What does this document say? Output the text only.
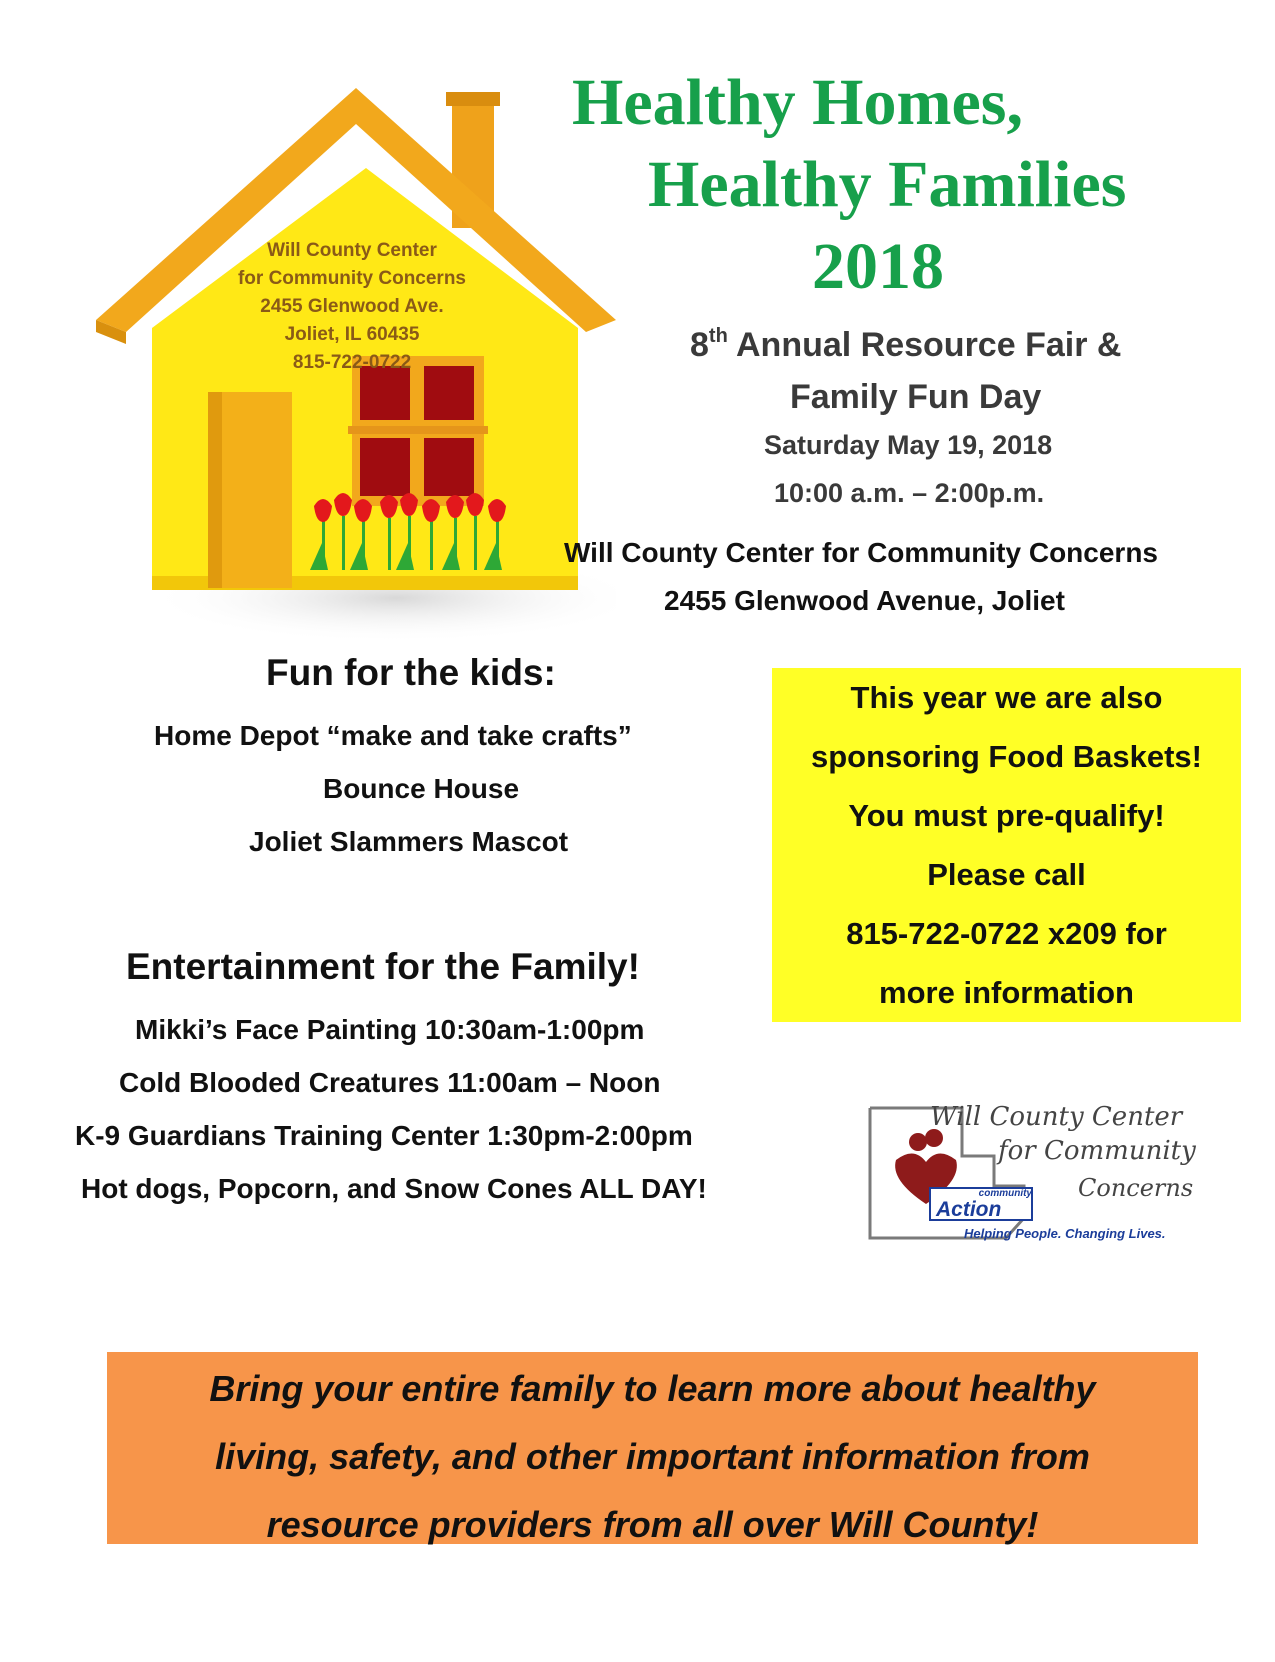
Will County Center
for Community Concerns
2455 Glenwood Ave.
Joliet, IL 60435
815-722-0722
Healthy Homes,
Healthy Families
2018
8th Annual Resource Fair &
Family Fun Day
Saturday May 19, 2018
10:00 a.m. – 2:00p.m.
Will County Center for Community Concerns
2455 Glenwood Avenue, Joliet
Fun for the kids:
Home Depot “make and take crafts”
Bounce House
Joliet Slammers Mascot
Entertainment for the Family!
Mikki’s Face Painting 10:30am-1:00pm
Cold Blooded Creatures 11:00am – Noon
K-9 Guardians Training Center 1:30pm-2:00pm
Hot dogs, Popcorn, and Snow Cones ALL DAY!
This year we are also
sponsoring Food Baskets!
You must pre-qualify!
Please call
815-722-0722 x209 for
more information
community
Action
Will County Center
for Community
Concerns
Helping People. Changing Lives.
Bring your entire family to learn more about healthy
living, safety, and other important information from
resource providers from all over Will County!
